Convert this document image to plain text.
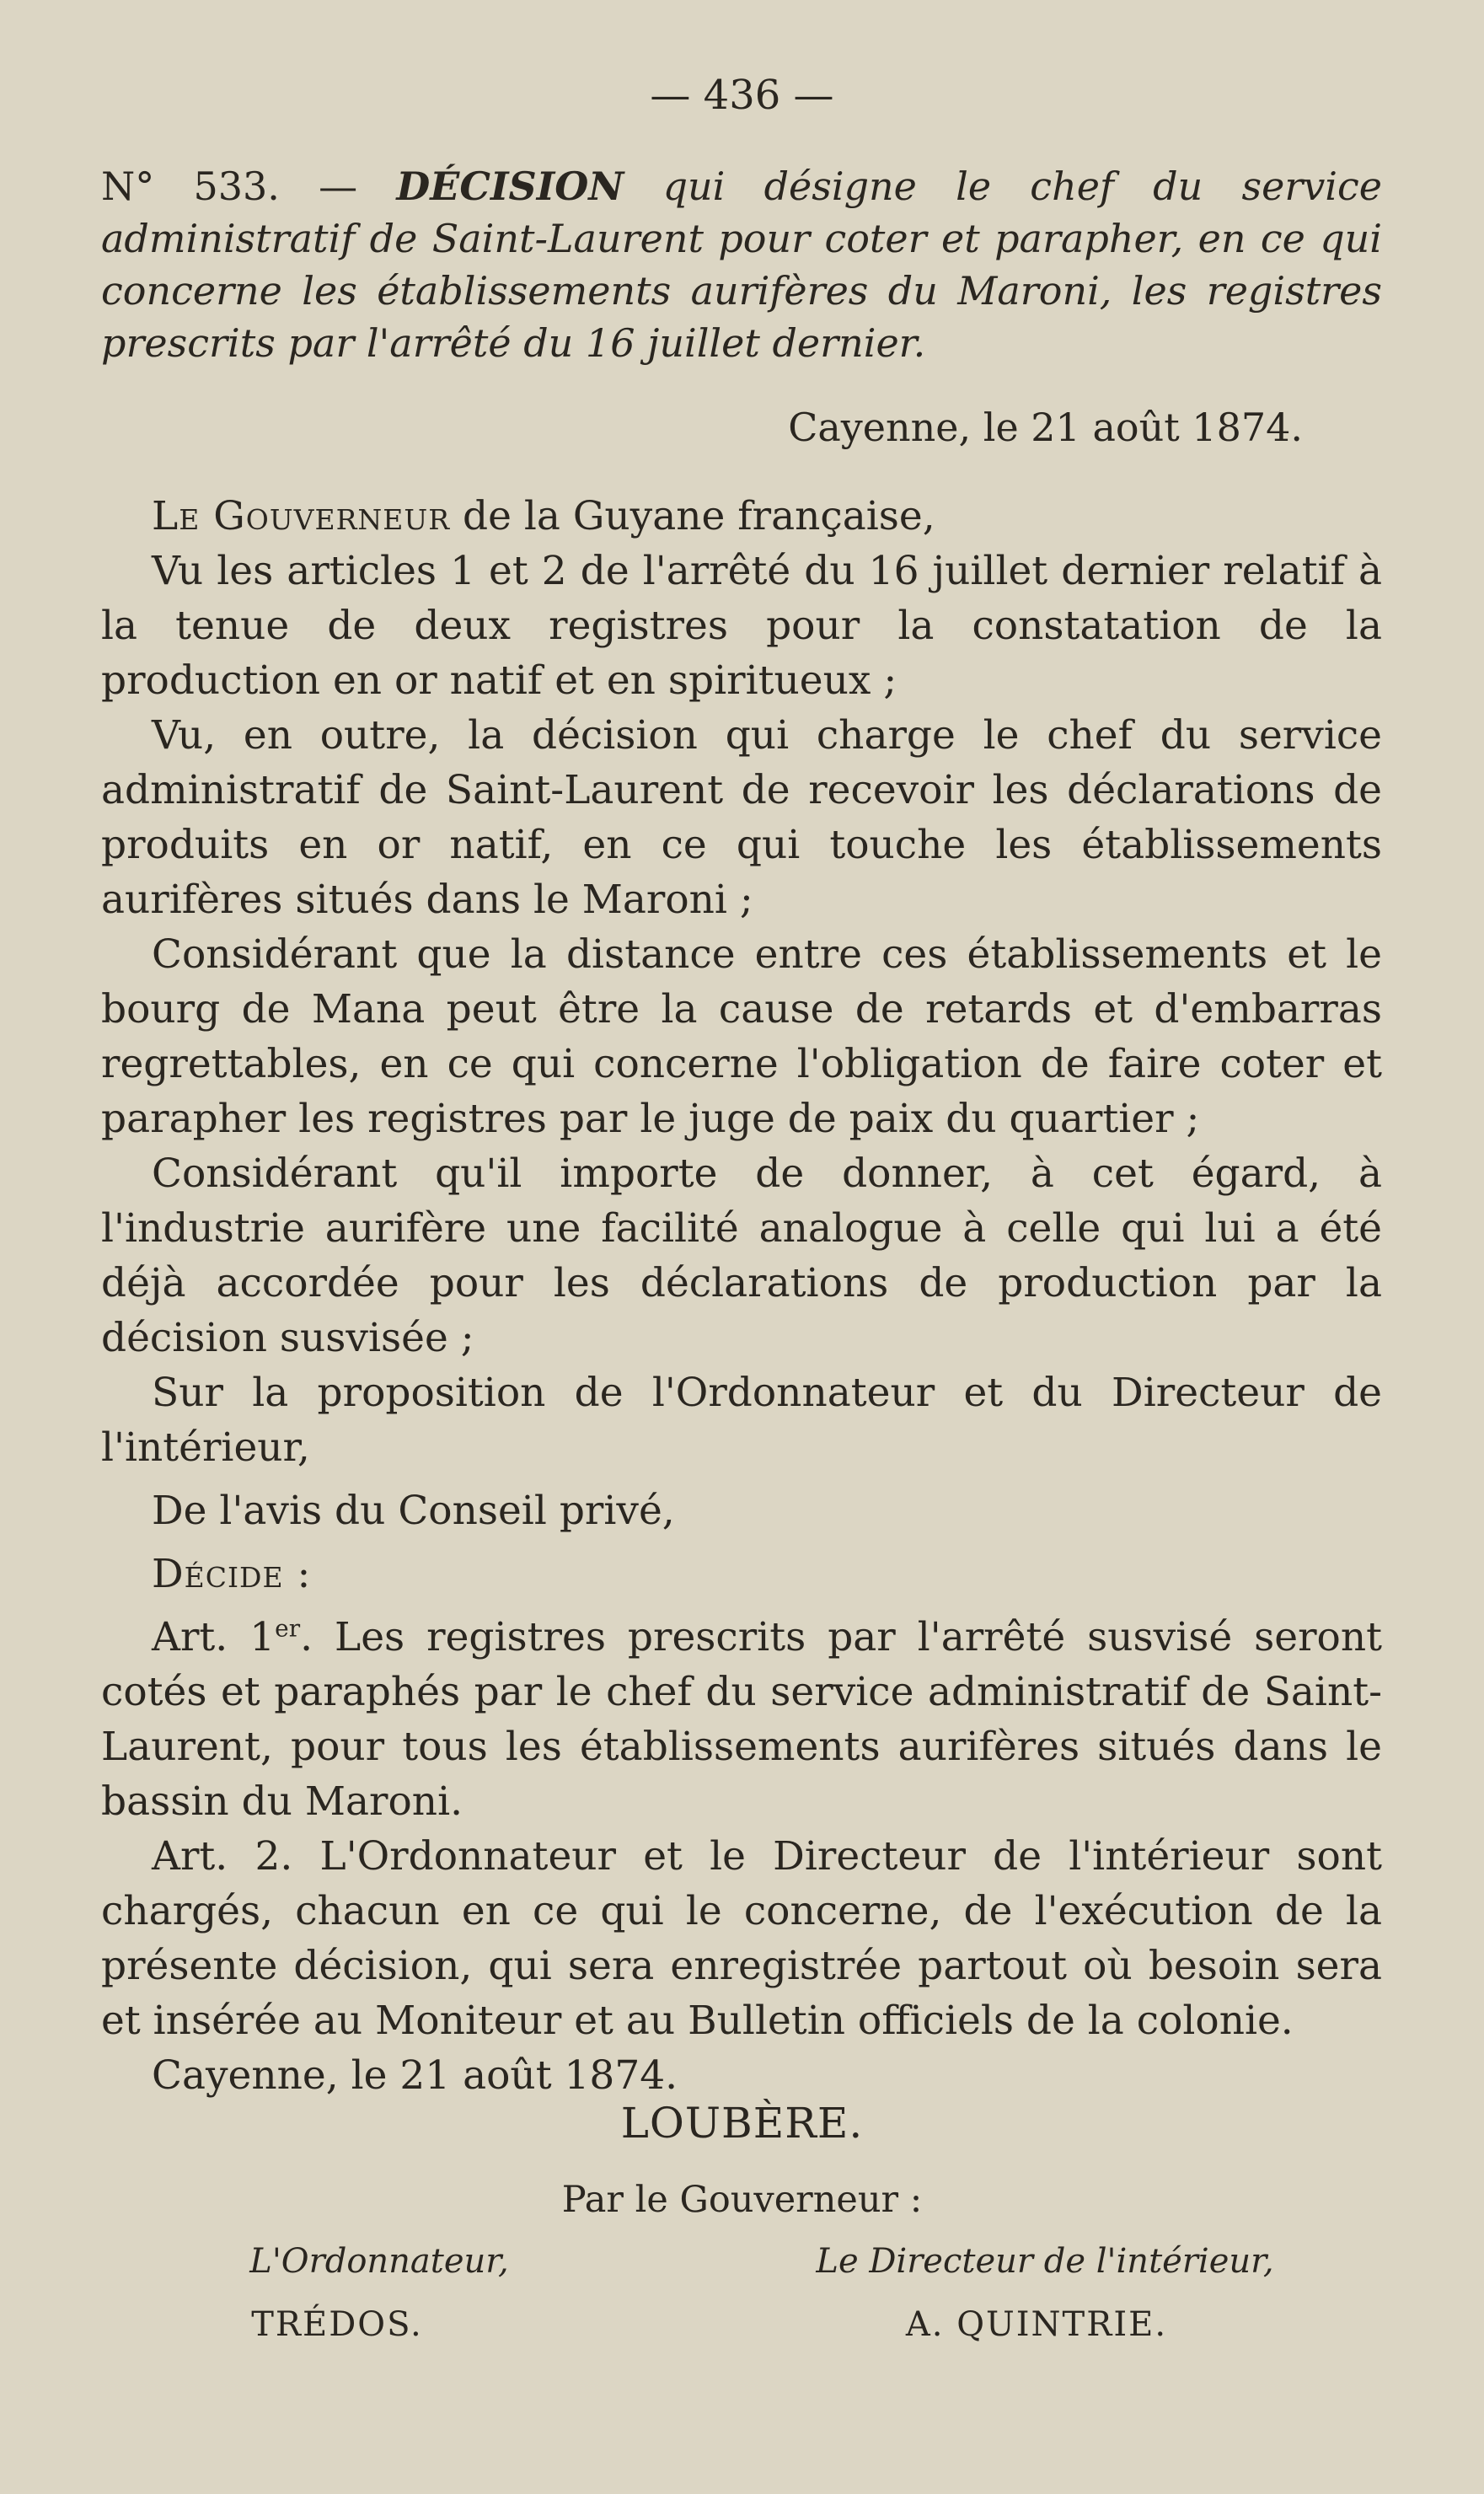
— 436 —
N° 533. — DÉCISION qui désigne le chef du service administratif de Saint-Laurent pour coter et parapher, en ce qui concerne les établissements aurifères du Maroni, les registres prescrits par l'arrêté du 16 juillet dernier.
Cayenne, le 21 août 1874.

Le Gouverneur de la Guyane française,

Vu les articles 1 et 2 de l'arrêté du 16 juillet dernier relatif à la tenue de deux registres pour la constatation de la production en or natif et en spiritueux ;

Vu, en outre, la décision qui charge le chef du service administratif de Saint-Laurent de recevoir les déclarations de produits en or natif, en ce qui touche les établissements aurifères situés dans le Maroni ;

Considérant que la distance entre ces établissements et le bourg de Mana peut être la cause de retards et d'embarras regrettables, en ce qui concerne l'obligation de faire coter et parapher les registres par le juge de paix du quartier ;

Considérant qu'il importe de donner, à cet égard, à l'industrie aurifère une facilité analogue à celle qui lui a été déjà accordée pour les déclarations de production par la décision susvisée ;

Sur la proposition de l'Ordonnateur et du Directeur de l'intérieur,

De l'avis du Conseil privé,

Décide :

Art. 1er. Les registres prescrits par l'arrêté susvisé seront cotés et paraphés par le chef du service administratif de Saint-Laurent, pour tous les établissements aurifères situés dans le bassin du Maroni.

Art. 2. L'Ordonnateur et le Directeur de l'intérieur sont chargés, chacun en ce qui le concerne, de l'exécution de la présente décision, qui sera enregistrée partout où besoin sera et insérée au Moniteur et au Bulletin officiels de la colonie.

Cayenne, le 21 août 1874.

LOUBÈRE.
Par le Gouverneur :
L'Ordonnateur,
TRÉDOS.
Le Directeur de l'intérieur,
A. QUINTRIE.
